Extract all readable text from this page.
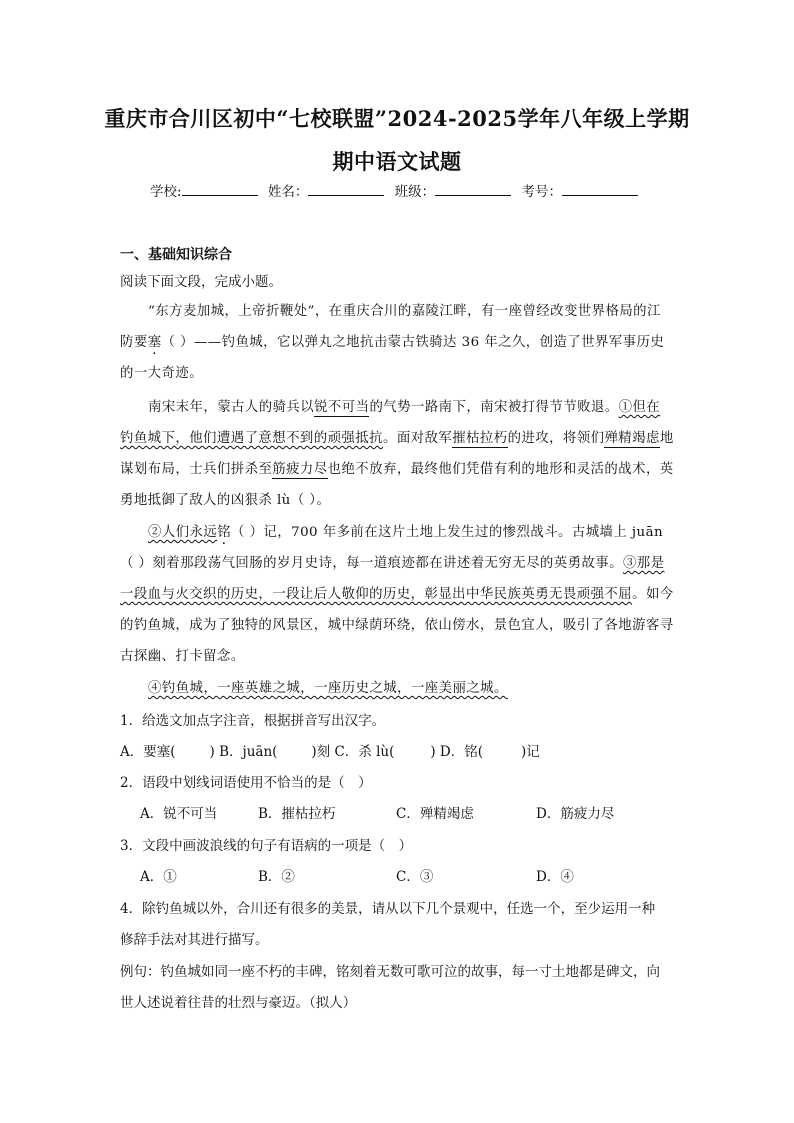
重庆市合川区初中“七校联盟”2024-2025学年八年级上学期
期中语文试题
学校:	姓名：	班级：	考号：
一、基础知识综合
阅读下面文段，完成小题。
“东方麦加城，上帝折鞭处”，在重庆合川的嘉陵江畔，有一座曾经改变世界格局的江
防要塞（ ）——钓鱼城，它以弹丸之地抗击蒙古铁骑达 36 年之久，创造了世界军事历史
的一大奇迹。
南宋末年，蒙古人的骑兵以锐不可当的气势一路南下，南宋被打得节节败退。①但在
钓鱼城下，他们遭遇了意想不到的顽强抵抗。面对敌军摧枯拉朽的进攻，将领们殚精竭虑地
谋划布局，士兵们拼杀至筋疲力尽也绝不放弃，最终他们凭借有利的地形和灵活的战术，英
勇地抵御了敌人的凶狠杀 lù（ ）。
②人们永远铭（ ）记，700 年多前在这片土地上发生过的惨烈战斗。古城墙上 juān
（ ）刻着那段荡气回肠的岁月史诗，每一道痕迹都在讲述着无穷无尽的英勇故事。③那是
一段血与火交织的历史，一段让后人敬仰的历史，彰显出中华民族英勇无畏顽强不屈。如今
的钓鱼城，成为了独特的风景区，城中绿荫环绕，依山傍水，景色宜人，吸引了各地游客寻
古探幽、打卡留念。
④钓鱼城，一座英雄之城，一座历史之城，一座美丽之城。
1．给选文加点字注音，根据拼音写出汉字。
A．要塞(	) B．juān(	)刻 C．杀 lù(	) D．铭(	)记
2．语段中划线词语使用不恰当的是（　）
A．锐不可当	B．摧枯拉朽	C．殚精竭虑	D．筋疲力尽
3．文段中画波浪线的句子有语病的一项是（　）
A．①	B．②	C．③	D．④
4．除钓鱼城以外，合川还有很多的美景，请从以下几个景观中，任选一个，至少运用一种
修辞手法对其进行描写。
例句：钓鱼城如同一座不朽的丰碑，铭刻着无数可歌可泣的故事，每一寸土地都是碑文，向
世人述说着往昔的壮烈与豪迈。（拟人）
